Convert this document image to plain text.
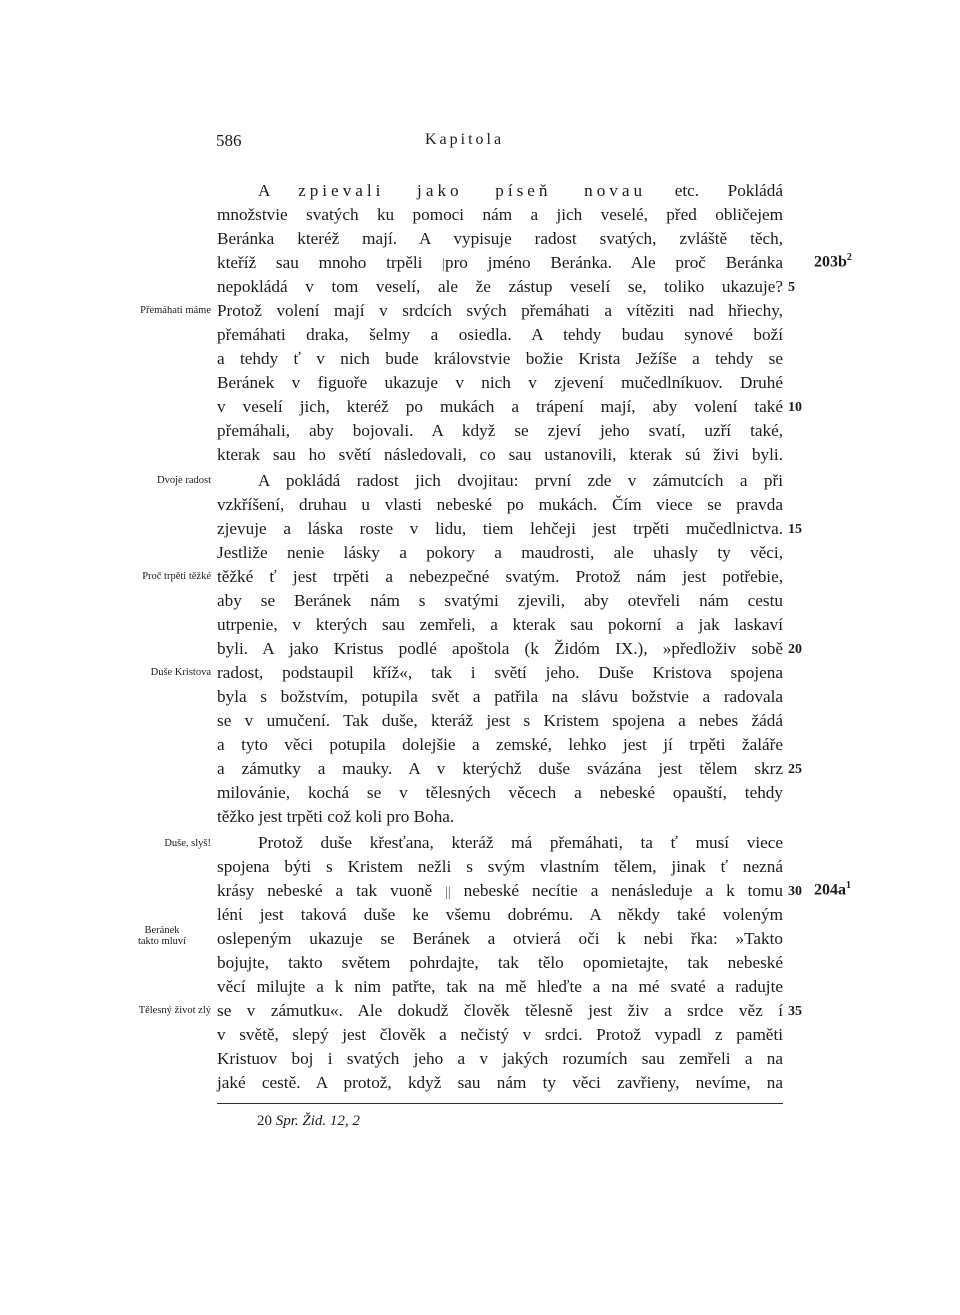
586	Kapitola
A zpievali jako píseň novau etc. Pokládá
množstvie svatých ku pomoci nám a jich veselé, před obličejem
Beránka kteréž mají. A vypisuje radost svatých, zvláště těch,
kteříž sau mnoho trpěli |pro jméno Beránka. Ale proč Beránka
nepokládá v tom veselí, ale že zástup veselí se, toliko ukazuje?
Protož volení mají v srdcích svých přemáhati a vítěziti nad hřiechy,
přemáhati draka, šelmy a osiedla. A tehdy budau synové boží
a tehdy ť v nich bude královstvie božie Krista Ježíše a tehdy se
Beránek v figuoře ukazuje v nich v zjevení mučedlníkuov. Druhé
v veselí jich, kteréž po mukách a trápení mají, aby volení také
přemáhali, aby bojovali. A když se zjeví jeho svatí, uzří také,
kterak sau ho světí následovali, co sau ustanovili, kterak sú živi byli.
A pokládá radost jich dvojitau: první zde v zámutcích a při
vzkříšení, druhau u vlasti nebeské po mukách. Čím viece se pravda
zjevuje a láska roste v lidu, tiem lehčeji jest trpěti mučedlnictva.
Jestliže nenie lásky a pokory a maudrosti, ale uhasly ty věci,
těžké ť jest trpěti a nebezpečné svatým. Protož nám jest potřebie,
aby se Beránek nám s svatými zjevili, aby otevřeli nám cestu
utrpenie, v kterých sau zemřeli, a kterak sau pokorní a jak laskaví
byli. A jako Kristus podlé apoštola (k Židóm IX.), »předloživ sobě
radost, podstaupil kříž«, tak i světí jeho. Duše Kristova spojena
byla s božstvím, potupila svět a patřila na slávu božstvie a radovala
se v umučení. Tak duše, kteráž jest s Kristem spojena a nebes žádá
a tyto věci potupila dolejšie a zemské, lehko jest jí trpěti žaláře
a zámutky a mauky. A v kterýchž duše svázána jest tělem skrz
milovánie, kochá se v tělesných věcech a nebeské opauští, tehdy
těžko jest trpěti což koli pro Boha.
Protož duše křesťana, kteráž má přemáhati, ta ť musí viece
spojena býti s Kristem nežli s svým vlastním tělem, jinak ť nezná
krásy nebeské a tak vuoně || nebeské necítie a nenásleduje a k tomu
lénί jest taková duše ke všemu dobrému. A někdy také voleným
oslepeným ukazuje se Beránek a otvierá oči k nebi řka: »Takto
bojujte, takto světem pohrdajte, tak tělo opomietajte, tak nebeské
věcí milujte a k nim patřte, tak na mě hleďte a na mé svaté a radujte
se v zámutku«. Ale dokudž člověk tělesně jest živ a srdce věz í
v světě, slepý jest člověk a nečistý v srdci. Protož vypadl z paměti
Kristuov boj i svatých jeho a v jakých rozumích sau zemřeli a na
jaké cestě. A protož, když sau nám ty věci zavřieny, nevíme, na
5
10
15
20
25
30
35
Přemáhati máme
Dvoje radost
Proč trpěti těžké
Duše Kristova
Duše, slyš!
Beránek
takto mluví
Tělesný život zlý
$203b^2$
$204a^1$
20 Spr. Žid. 12, 2
